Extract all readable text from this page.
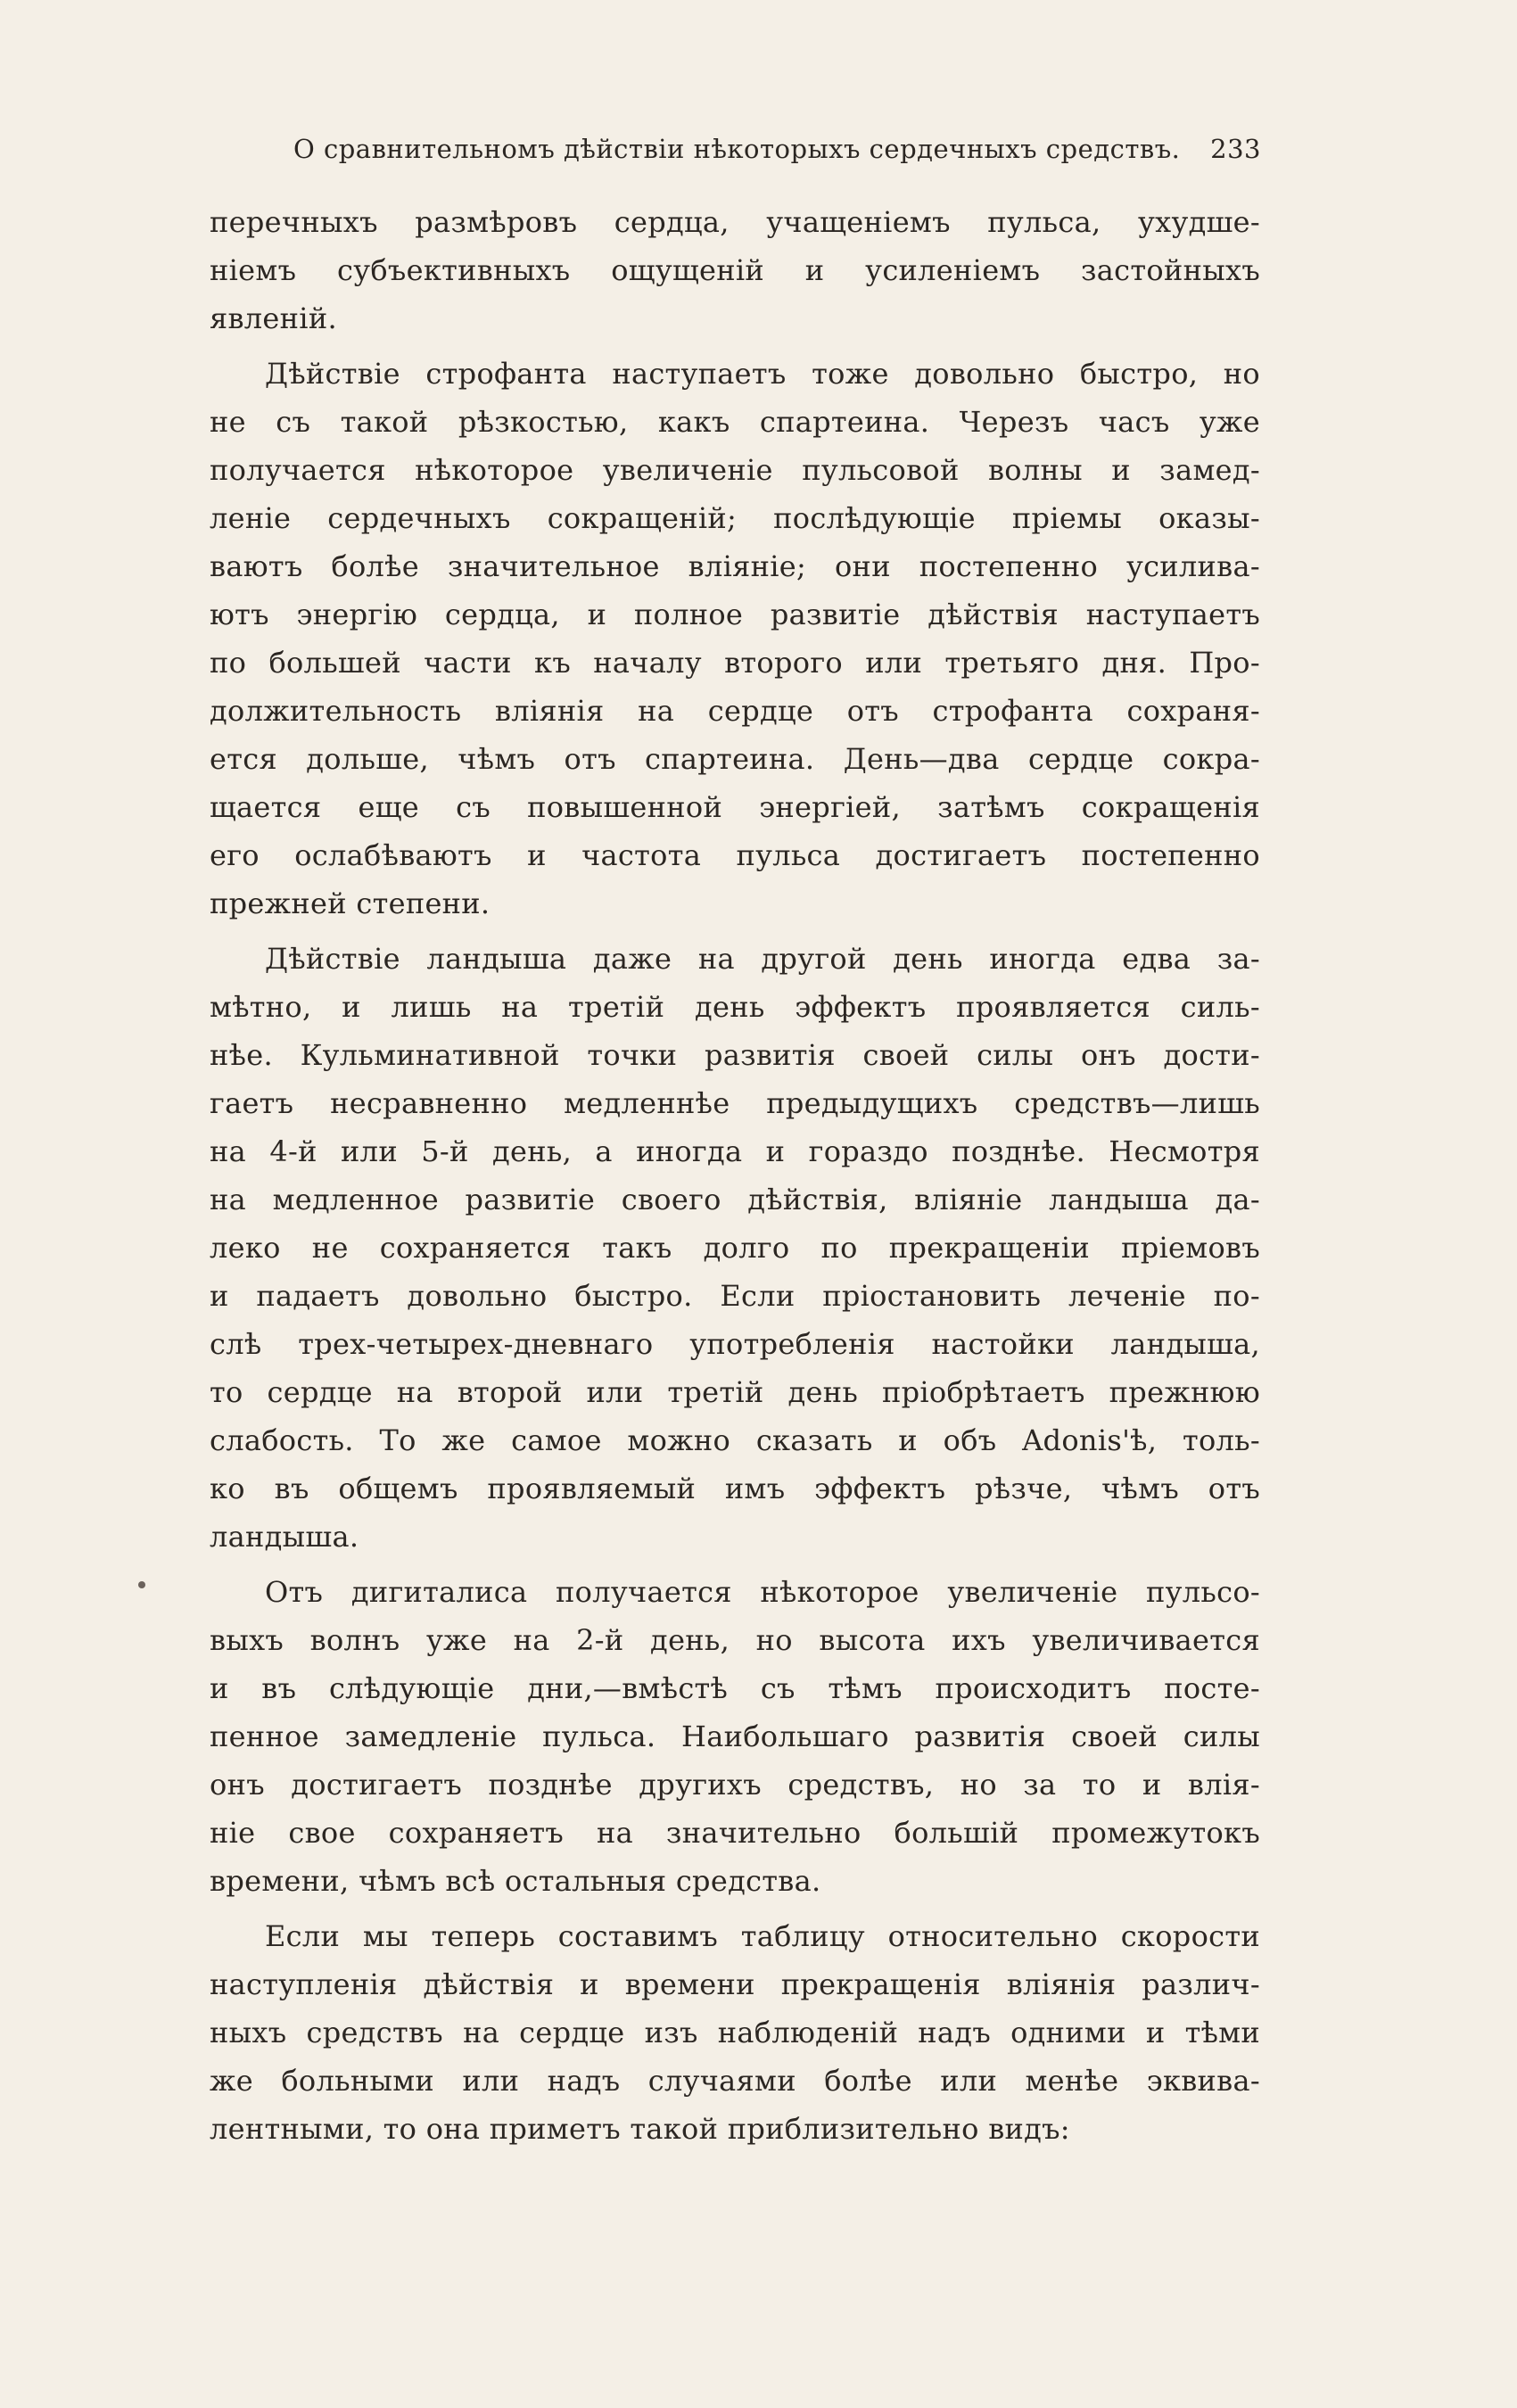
О сравнительномъ дѣйствіи нѣкоторыхъ сердечныхъ средствъ. 233
перечныхъ размѣровъ сердца, учащеніемъ пульса, ухудше-
ніемъ субъективныхъ ощущеній и усиленіемъ застойныхъ
явленій.
Дѣйствіе строфанта наступаетъ тоже довольно быстро, но
не съ такой рѣзкостью, какъ спартеина. Черезъ часъ уже
получается нѣкоторое увеличеніе пульсовой волны и замед-
леніе сердечныхъ сокращеній; послѣдующіе пріемы оказы-
ваютъ болѣе значительное вліяніе; они постепенно усилива-
ютъ энергію сердца, и полное развитіе дѣйствія наступаетъ
по большей части къ началу второго или третьяго дня. Про-
должительность вліянія на сердце отъ строфанта сохраня-
ется дольше, чѣмъ отъ спартеина. День—два сердце сокра-
щается еще съ повышенной энергіей, затѣмъ сокращенія
его ослабѣваютъ и частота пульса достигаетъ постепенно
прежней степени.
Дѣйствіе ландыша даже на другой день иногда едва за-
мѣтно, и лишь на третій день эффектъ проявляется силь-
нѣе. Кульминативной точки развитія своей силы онъ дости-
гаетъ несравненно медленнѣе предыдущихъ средствъ—лишь
на 4-й или 5-й день, а иногда и гораздо позднѣе. Несмотря
на медленное развитіе своего дѣйствія, вліяніе ландыша да-
леко не сохраняется такъ долго по прекращеніи пріемовъ
и падаетъ довольно быстро. Если пріостановить леченіе по-
слѣ трех-четырех-дневнаго употребленія настойки ландыша,
то сердце на второй или третій день пріобрѣтаетъ прежнюю
слабость. То же самое можно сказать и объ Adonis'ѣ, толь-
ко въ общемъ проявляемый имъ эффектъ рѣзче, чѣмъ отъ
ландыша.
Отъ дигиталиса получается нѣкоторое увеличеніе пульсо-
выхъ волнъ уже на 2-й день, но высота ихъ увеличивается
и въ слѣдующіе дни,—вмѣстѣ съ тѣмъ происходитъ посте-
пенное замедленіе пульса. Наибольшаго развитія своей силы
онъ достигаетъ позднѣе другихъ средствъ, но за то и влія-
ніе свое сохраняетъ на значительно большій промежутокъ
времени, чѣмъ всѣ остальныя средства.
Если мы теперь составимъ таблицу относительно скорости
наступленія дѣйствія и времени прекращенія вліянія различ-
ныхъ средствъ на сердце изъ наблюденій надъ одними и тѣми
же больными или надъ случаями болѣе или менѣе эквива-
лентными, то она приметъ такой приблизительно видъ:
